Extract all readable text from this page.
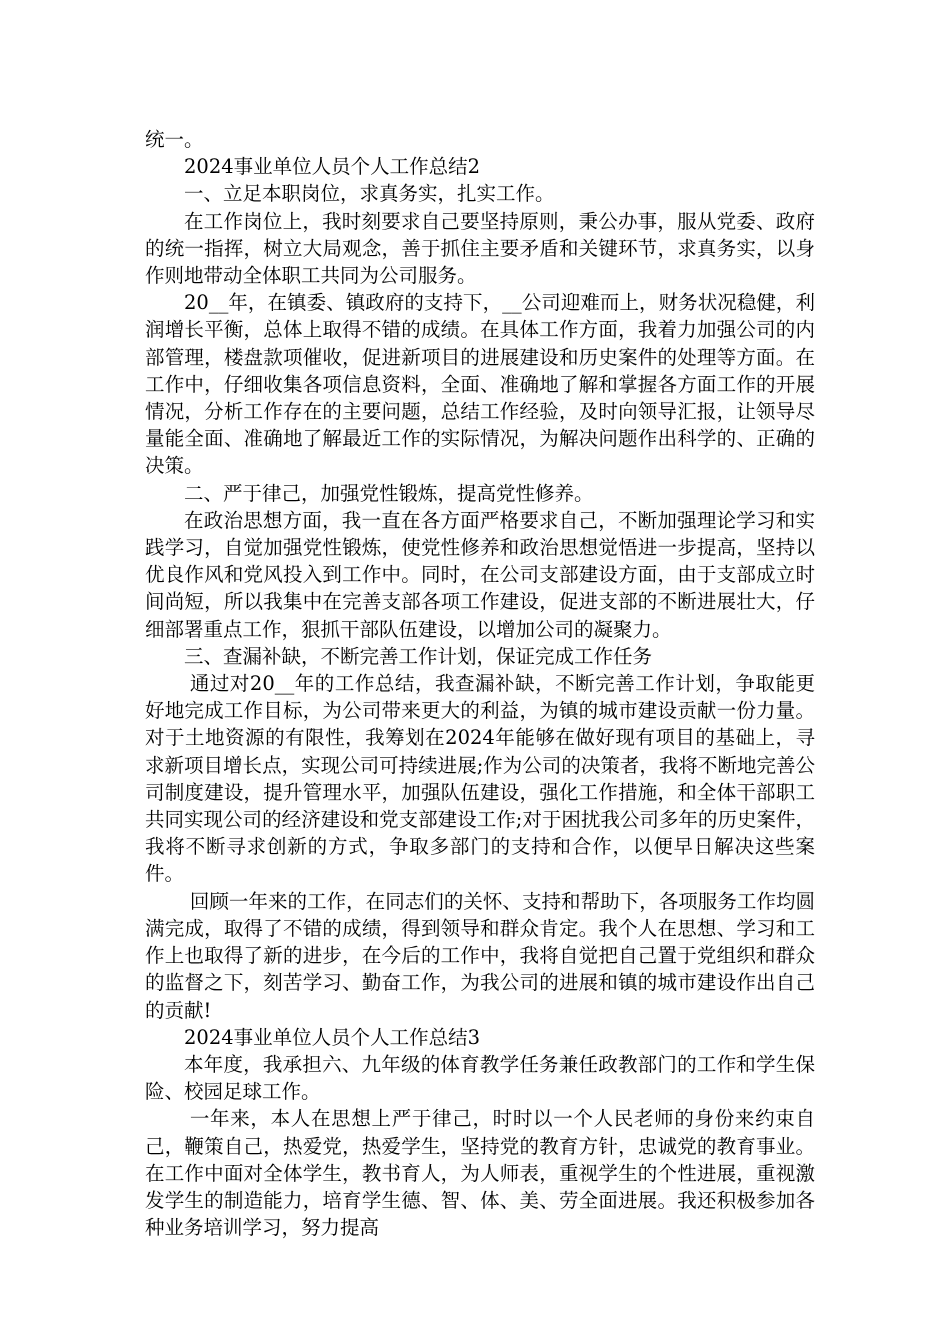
统一。

2024事业单位人员个人工作总结2

一、立足本职岗位，求真务实，扎实工作。

在工作岗位上，我时刻要求自己要坚持原则，秉公办事，服从党委、政府的统一指挥，树立大局观念，善于抓住主要矛盾和关键环节，求真务实，以身作则地带动全体职工共同为公司服务。

20__年，在镇委、镇政府的支持下，__公司迎难而上，财务状况稳健，利润增长平衡，总体上取得不错的成绩。在具体工作方面，我着力加强公司的内部管理，楼盘款项催收，促进新项目的进展建设和历史案件的处理等方面。在工作中，仔细收集各项信息资料，全面、准确地了解和掌握各方面工作的开展情况，分析工作存在的主要问题，总结工作经验，及时向领导汇报，让领导尽量能全面、准确地了解最近工作的实际情况，为解决问题作出科学的、正确的决策。

二、严于律己，加强党性锻炼，提高党性修养。

在政治思想方面，我一直在各方面严格要求自己，不断加强理论学习和实践学习，自觉加强党性锻炼，使党性修养和政治思想觉悟进一步提高，坚持以优良作风和党风投入到工作中。同时，在公司支部建设方面，由于支部成立时间尚短，所以我集中在完善支部各项工作建设，促进支部的不断进展壮大，仔细部署重点工作，狠抓干部队伍建设，以增加公司的凝聚力。

三、查漏补缺，不断完善工作计划，保证完成工作任务

通过对20__年的工作总结，我查漏补缺，不断完善工作计划，争取能更好地完成工作目标，为公司带来更大的利益，为镇的城市建设贡献一份力量。对于土地资源的有限性，我筹划在2024年能够在做好现有项目的基础上，寻求新项目增长点，实现公司可持续进展;作为公司的决策者，我将不断地完善公司制度建设，提升管理水平，加强队伍建设，强化工作措施，和全体干部职工共同实现公司的经济建设和党支部建设工作;对于困扰我公司多年的历史案件，我将不断寻求创新的方式，争取多部门的支持和合作，以便早日解决这些案件。

回顾一年来的工作，在同志们的关怀、支持和帮助下，各项服务工作均圆满完成，取得了不错的成绩，得到领导和群众肯定。我个人在思想、学习和工作上也取得了新的进步，在今后的工作中，我将自觉把自己置于党组织和群众的监督之下，刻苦学习、勤奋工作，为我公司的进展和镇的城市建设作出自己的贡献!

2024事业单位人员个人工作总结3

本年度，我承担六、九年级的体育教学任务兼任政教部门的工作和学生保险、校园足球工作。

一年来，本人在思想上严于律己，时时以一个人民老师的身份来约束自己，鞭策自己，热爱党，热爱学生，坚持党的教育方针，忠诚党的教育事业。在工作中面对全体学生，教书育人，为人师表，重视学生的个性进展，重视激发学生的制造能力，培育学生德、智、体、美、劳全面进展。我还积极参加各种业务培训学习，努力提高
